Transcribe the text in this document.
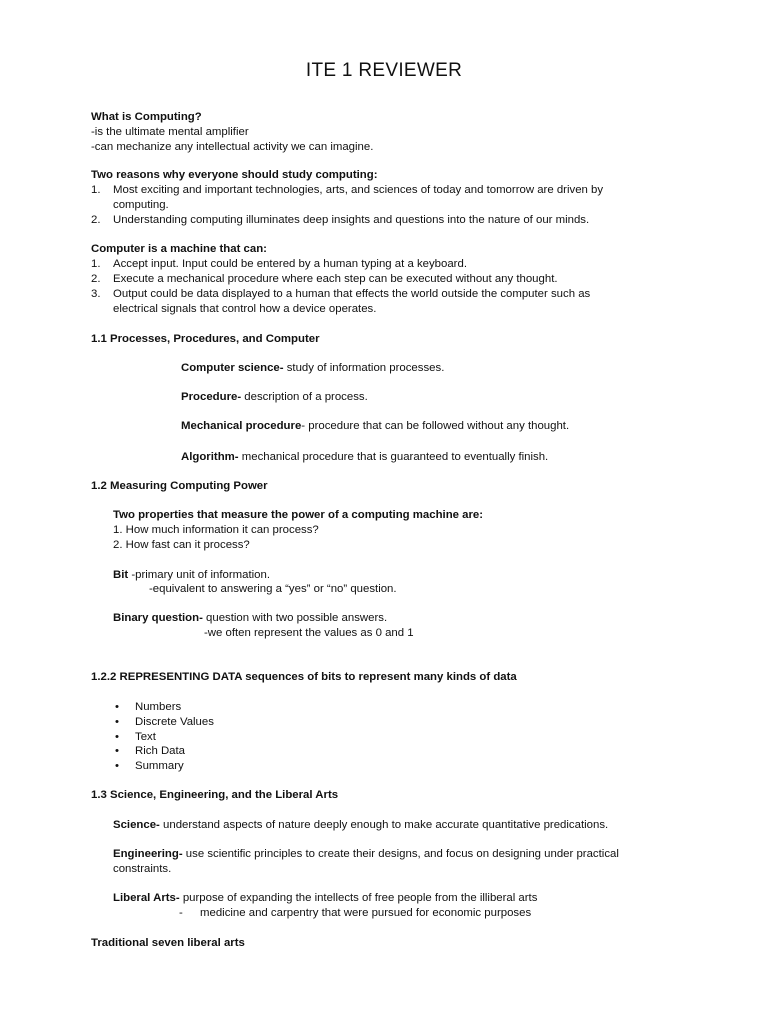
ITE 1 REVIEWER
What is Computing?
-is the ultimate mental amplifier
-can mechanize any intellectual activity we can imagine.
Two reasons why everyone should study computing:
1. Most exciting and important technologies, arts, and sciences of today and tomorrow are driven by
computing.
2. Understanding computing illuminates deep insights and questions into the nature of our minds.
Computer is a machine that can:
1. Accept input. Input could be entered by a human typing at a keyboard.
2. Execute a mechanical procedure where each step can be executed without any thought.
3. Output could be data displayed to a human that effects the world outside the computer such as
electrical signals that control how a device operates.
1.1 Processes, Procedures, and Computer
Computer science- study of information processes.
Procedure- description of a process.
Mechanical procedure- procedure that can be followed without any thought.
Algorithm- mechanical procedure that is guaranteed to eventually finish.
1.2 Measuring Computing Power
Two properties that measure the power of a computing machine are:
1. How much information it can process?
2. How fast can it process?
Bit -primary unit of information.
-equivalent to answering a “yes” or “no” question.
Binary question- question with two possible answers.
-we often represent the values as 0 and 1
1.2.2 REPRESENTING DATA sequences of bits to represent many kinds of data
• Numbers
• Discrete Values
• Text
• Rich Data
• Summary
1.3 Science, Engineering, and the Liberal Arts
Science- understand aspects of nature deeply enough to make accurate quantitative predications.
Engineering- use scientific principles to create their designs, and focus on designing under practical
constraints.
Liberal Arts- purpose of expanding the intellects of free people from the illiberal arts
- medicine and carpentry that were pursued for economic purposes
Traditional seven liberal arts
